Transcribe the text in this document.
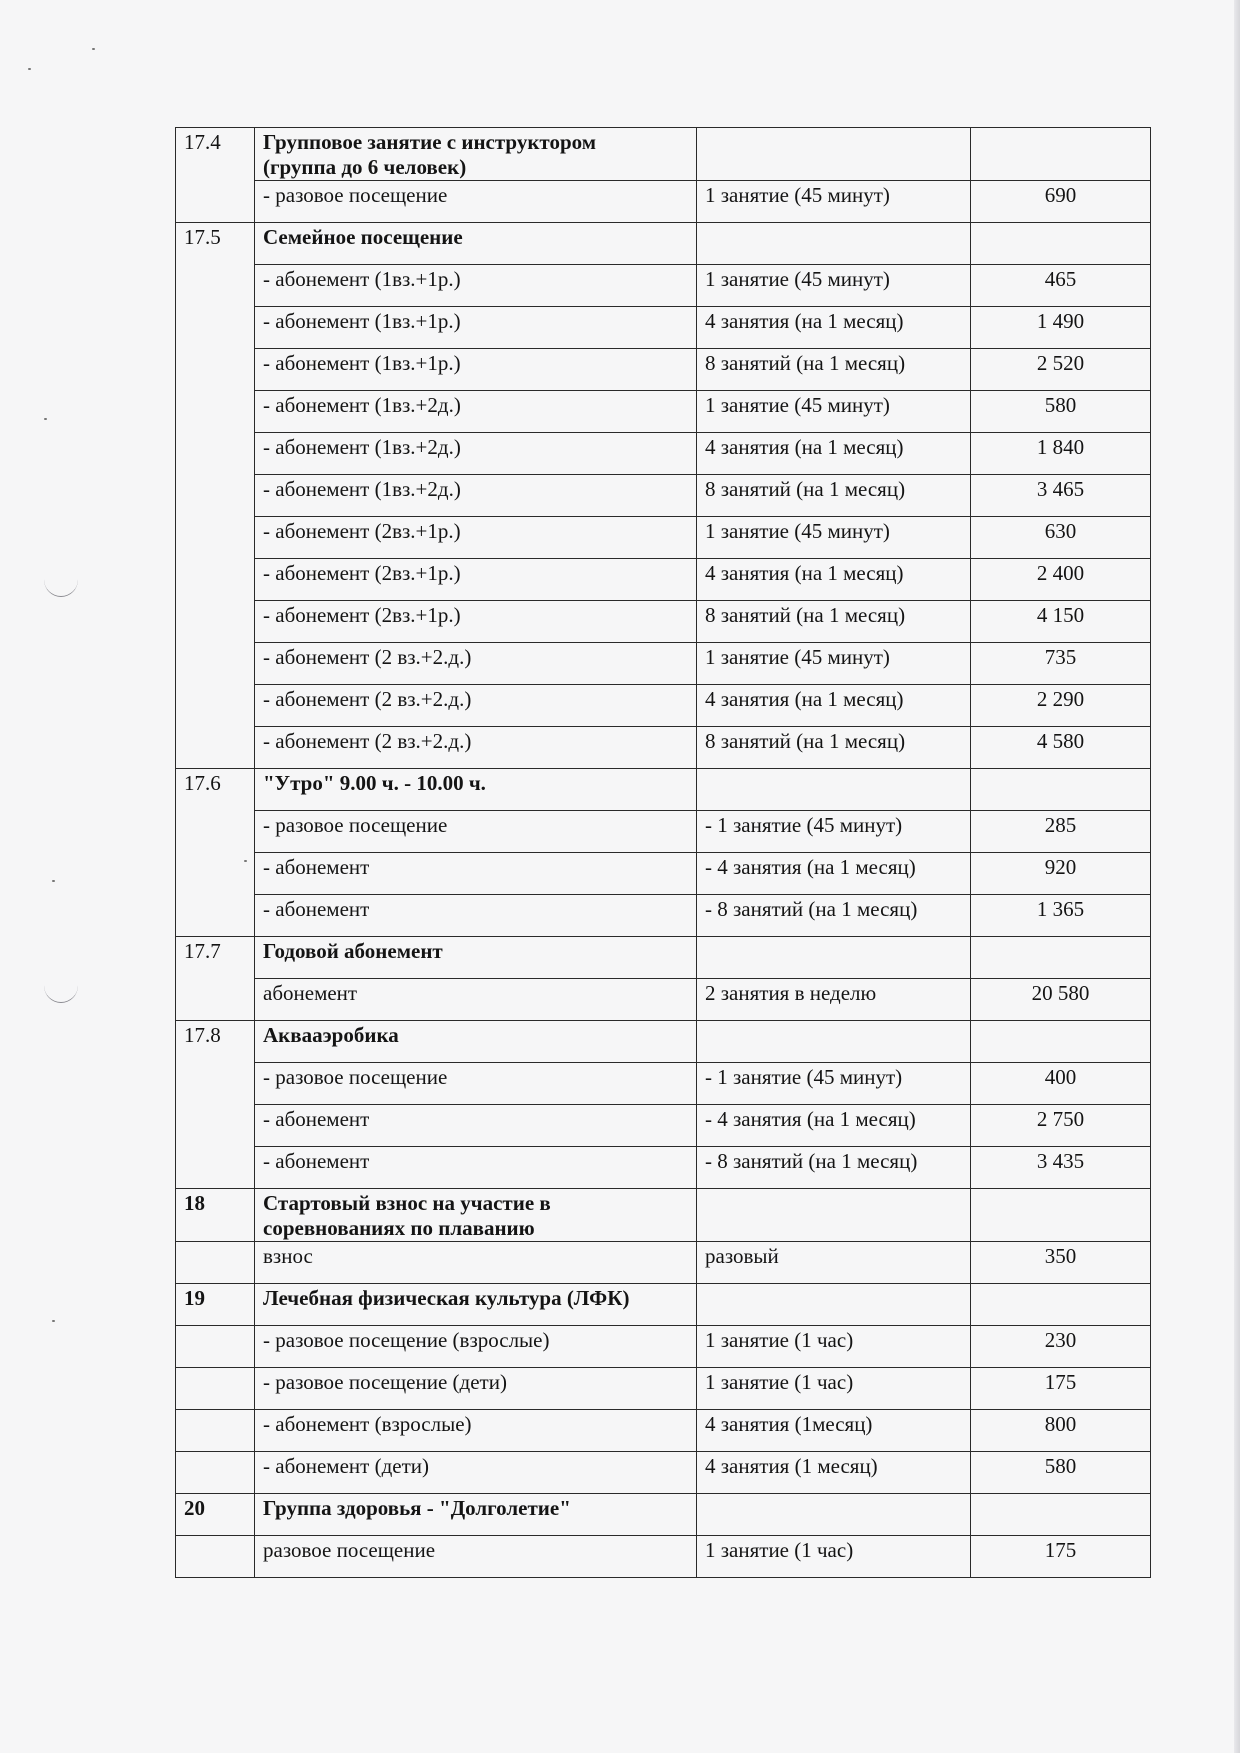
17.4	Групповое занятие с инструктором
(группа до 6 человек)		

	- разовое посещение	1 занятие (45 минут)	690
17.5	Семейное посещение		

	- абонемент (1вз.+1р.)	1 занятие (45 минут)	465
	- абонемент (1вз.+1р.)	4 занятия (на 1 месяц)	1 490
	- абонемент (1вз.+1р.)	8 занятий (на 1 месяц)	2 520
	- абонемент (1вз.+2д.)	1 занятие (45 минут)	580
	- абонемент (1вз.+2д.)	4 занятия (на 1 месяц)	1 840
	- абонемент (1вз.+2д.)	8 занятий (на 1 месяц)	3 465
	- абонемент (2вз.+1р.)	1 занятие (45 минут)	630
	- абонемент (2вз.+1р.)	4 занятия (на 1 месяц)	2 400
	- абонемент (2вз.+1р.)	8 занятий (на 1 месяц)	4 150
	- абонемент (2 вз.+2.д.)	1 занятие (45 минут)	735
	- абонемент (2 вз.+2.д.)	4 занятия (на 1 месяц)	2 290
	- абонемент (2 вз.+2.д.)	8 занятий (на 1 месяц)	4 580
17.6	"Утро" 9.00 ч. - 10.00 ч.		

	- разовое посещение	- 1 занятие (45 минут)	285
	- абонемент	- 4 занятия (на 1 месяц)	920
	- абонемент	- 8 занятий (на 1 месяц)	1 365
17.7	Годовой абонемент		

	абонемент	2 занятия в неделю	20 580
17.8	Аквааэробика		

	- разовое посещение	- 1 занятие (45 минут)	400
	- абонемент	- 4 занятия (на 1 месяц)	2 750
	- абонемент	- 8 занятий (на 1 месяц)	3 435
18	Стартовый взнос на участие в
соревнованиях по плаванию		

	взнос	разовый	350
19	Лечебная физическая культура (ЛФК)		

	- разовое посещение (взрослые)	1 занятие (1 час)	230
	- разовое посещение (дети)	1 занятие (1 час)	175
	- абонемент (взрослые)	4 занятия (1месяц)	800
	- абонемент (дети)	4 занятия (1 месяц)	580
20	Группа здоровья - "Долголетие"		

	разовое посещение	1 занятие (1 час)	175
